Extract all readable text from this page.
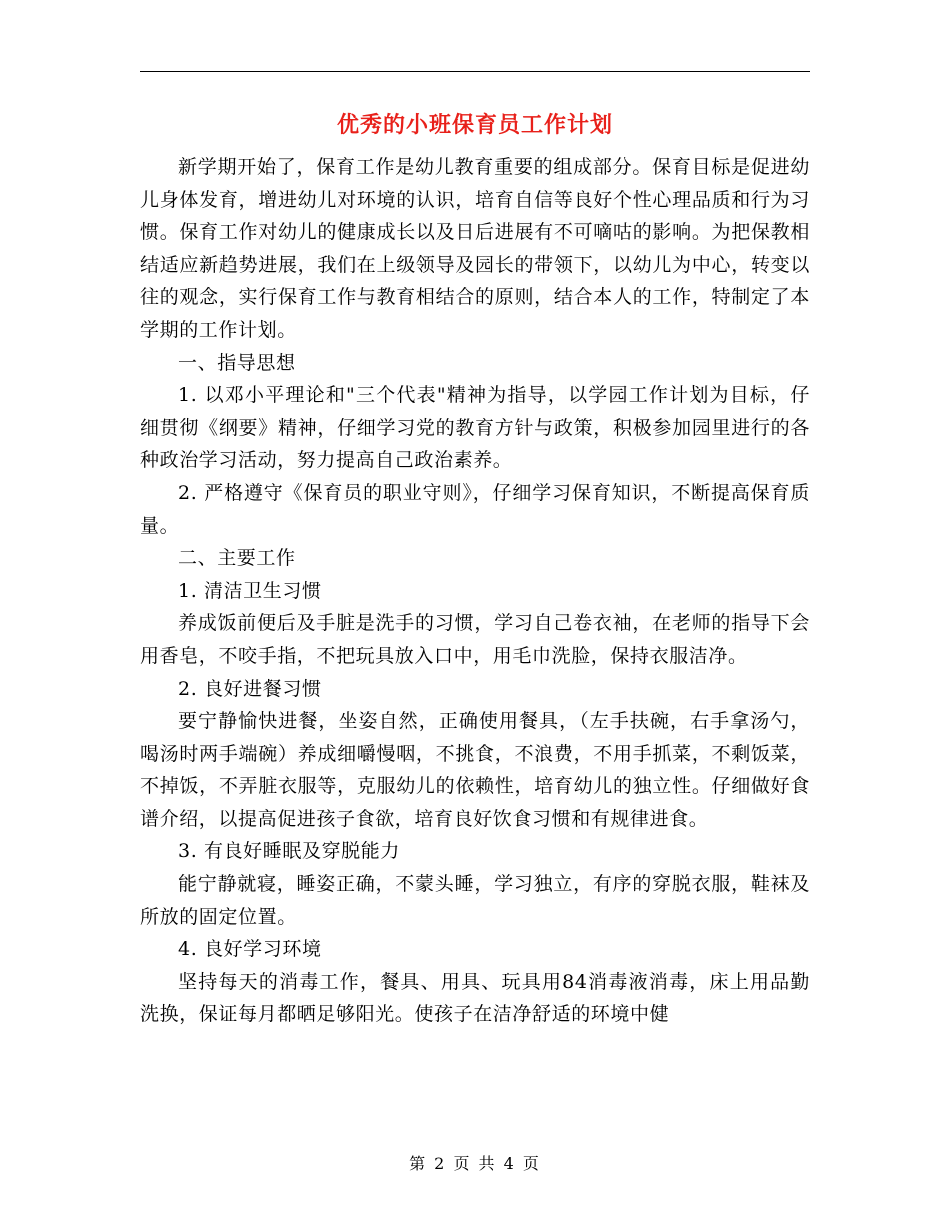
优秀的小班保育员工作计划

新学期开始了，保育工作是幼儿教育重要的组成部分。保育目标是促进幼儿身体发育，增进幼儿对环境的认识，培育自信等良好个性心理品质和行为习惯。保育工作对幼儿的健康成长以及日后进展有不可嘀咕的影响。为把保教相结适应新趋势进展，我们在上级领导及园长的带领下，以幼儿为中心，转变以往的观念，实行保育工作与教育相结合的原则，结合本人的工作，特制定了本学期的工作计划。

一、指导思想

1. 以邓小平理论和"三个代表"精神为指导，以学园工作计划为目标，仔细贯彻《纲要》精神，仔细学习党的教育方针与政策，积极参加园里进行的各种政治学习活动，努力提高自己政治素养。

2. 严格遵守《保育员的职业守则》，仔细学习保育知识，不断提高保育质量。

二、主要工作

1. 清洁卫生习惯

养成饭前便后及手脏是洗手的习惯，学习自己卷衣袖，在老师的指导下会用香皂，不咬手指，不把玩具放入口中，用毛巾洗脸，保持衣服洁净。

2. 良好进餐习惯

要宁静愉快进餐，坐姿自然，正确使用餐具，（左手扶碗，右手拿汤勺，喝汤时两手端碗）养成细嚼慢咽，不挑食，不浪费，不用手抓菜，不剩饭菜，不掉饭，不弄脏衣服等，克服幼儿的依赖性，培育幼儿的独立性。仔细做好食谱介绍，以提高促进孩子食欲，培育良好饮食习惯和有规律进食。

3. 有良好睡眠及穿脱能力

能宁静就寝，睡姿正确，不蒙头睡，学习独立，有序的穿脱衣服，鞋袜及所放的固定位置。

4. 良好学习环境

坚持每天的消毒工作，餐具、用具、玩具用84消毒液消毒，床上用品勤洗换，保证每月都晒足够阳光。使孩子在洁净舒适的环境中健

第 2 页 共 4 页
